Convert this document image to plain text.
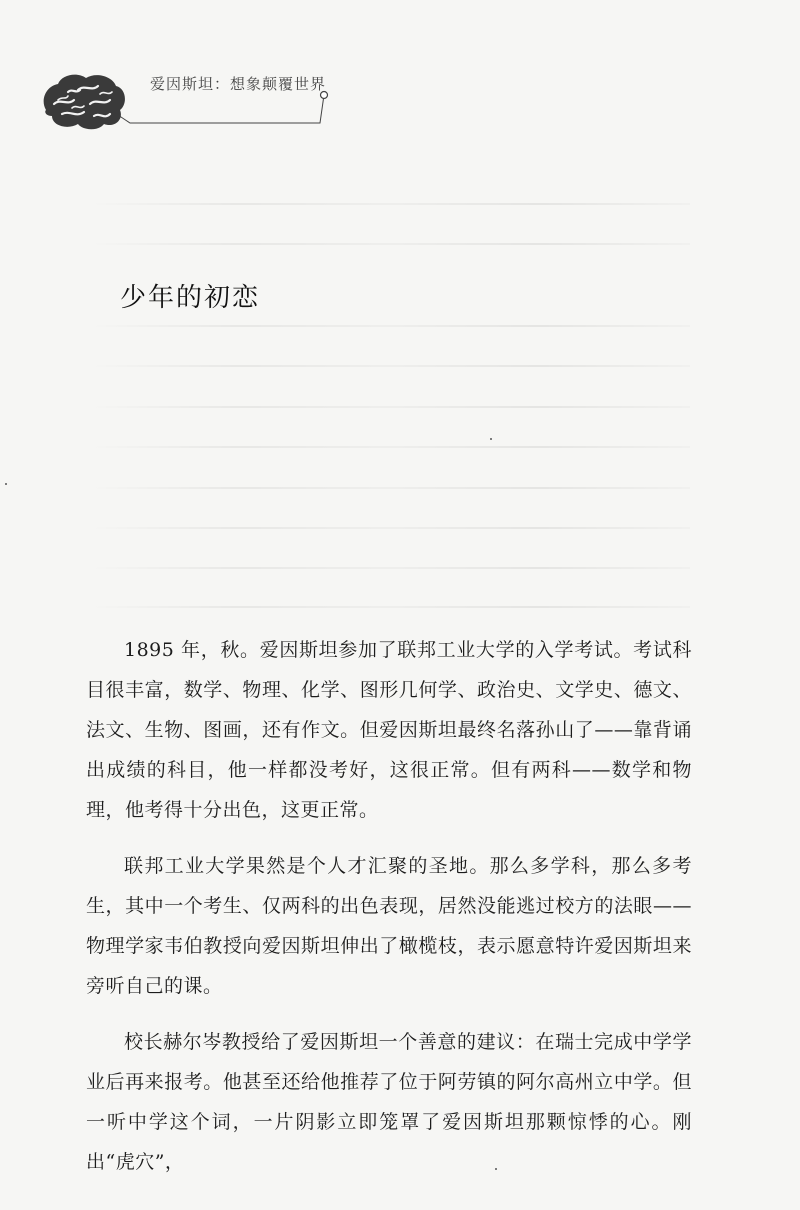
爱因斯坦：想象颠覆世界
少年的初恋

1895 年，秋。爱因斯坦参加了联邦工业大学的入学考试。考试科目很丰富，数学、物理、化学、图形几何学、政治史、文学史、德文、法文、生物、图画，还有作文。但爱因斯坦最终名落孙山了——靠背诵出成绩的科目，他一样都没考好，这很正常。但有两科——数学和物理，他考得十分出色，这更正常。

联邦工业大学果然是个人才汇聚的圣地。那么多学科，那么多考生，其中一个考生、仅两科的出色表现，居然没能逃过校方的法眼——物理学家韦伯教授向爱因斯坦伸出了橄榄枝，表示愿意特许爱因斯坦来旁听自己的课。

校长赫尔岑教授给了爱因斯坦一个善意的建议：在瑞士完成中学学业后再来报考。他甚至还给他推荐了位于阿劳镇的阿尔高州立中学。但一听中学这个词，一片阴影立即笼罩了爱因斯坦那颗惊悸的心。刚出“虎穴”，
